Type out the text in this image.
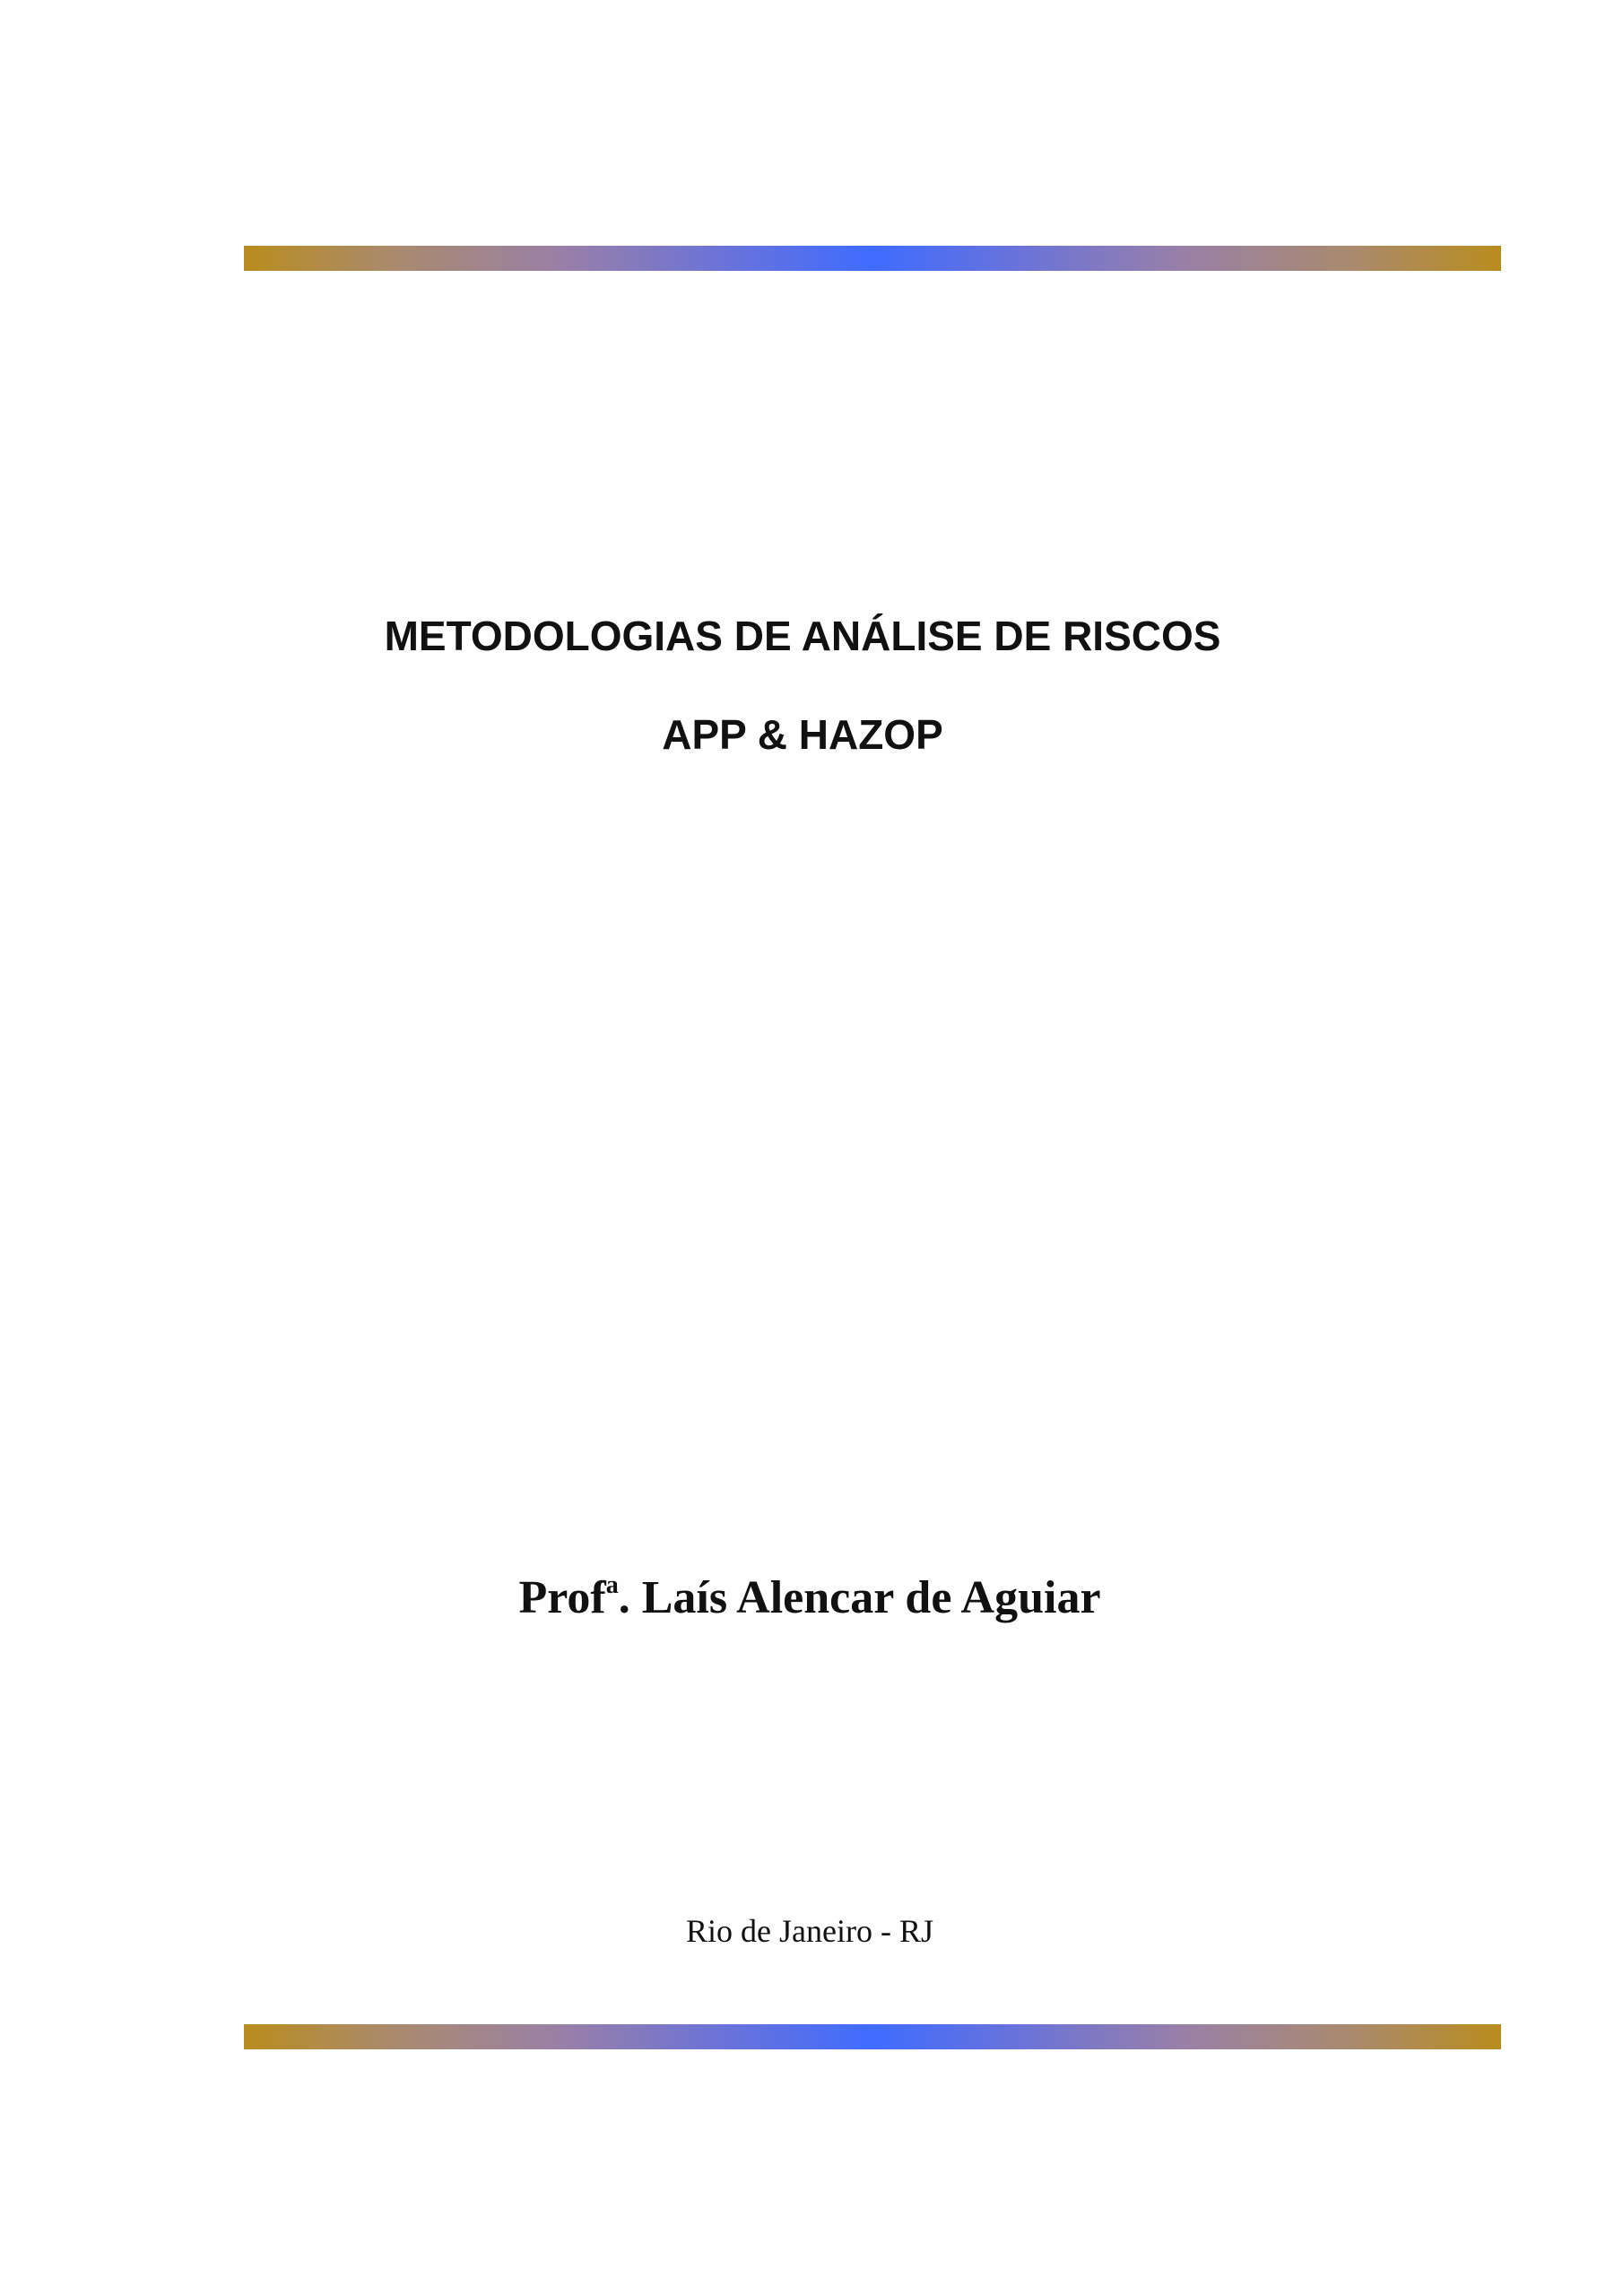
METODOLOGIAS DE ANÁLISE DE RISCOS
APP & HAZOP
Prof$^a$. Laís Alencar de Aguiar
Rio de Janeiro - RJ
